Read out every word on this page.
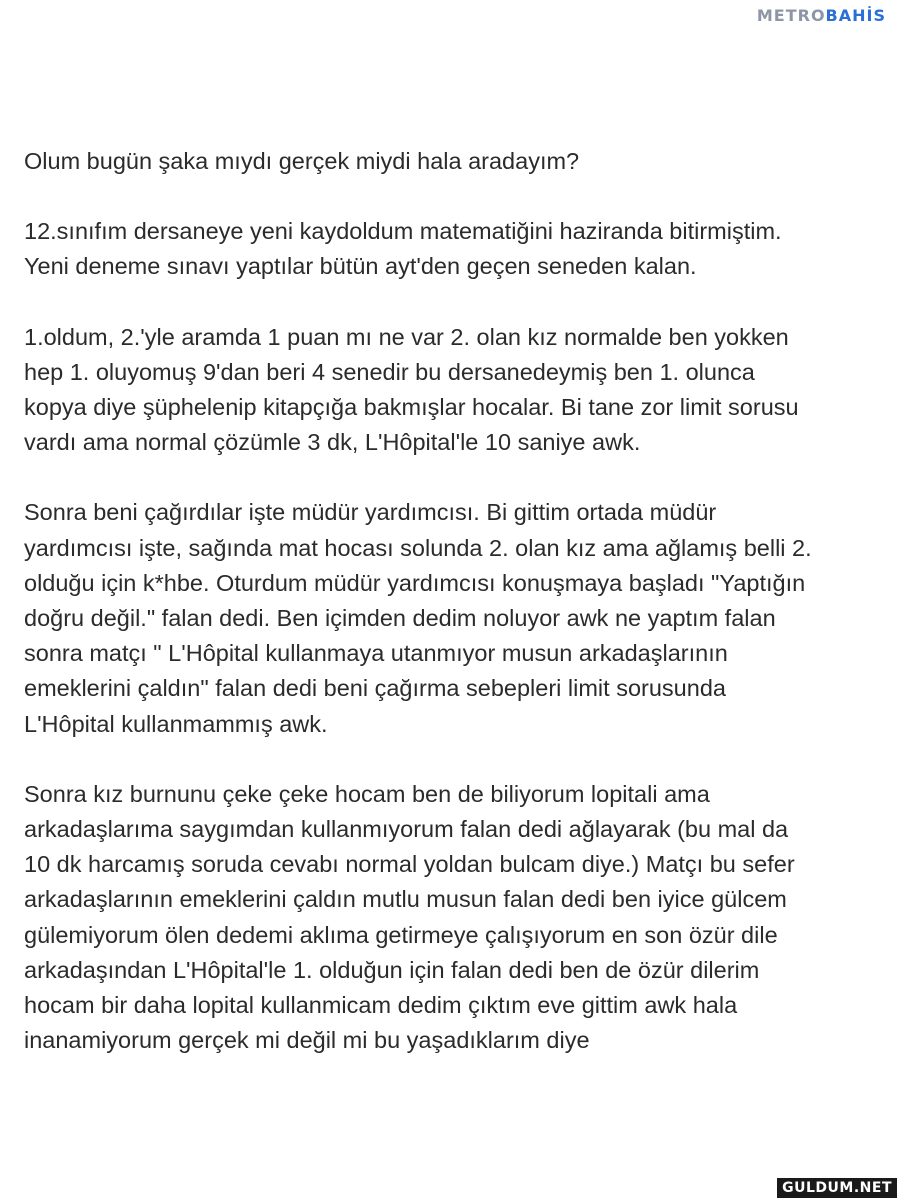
METROBAHİS

Olum bugün şaka mıydı gerçek miydi hala aradayım?

12.sınıfım dersaneye yeni kaydoldum matematiğini haziranda bitirmiştim.
Yeni deneme sınavı yaptılar bütün ayt'den geçen seneden kalan.

1.oldum, 2.'yle aramda 1 puan mı ne var 2. olan kız normalde ben yokken
hep 1. oluyomuş 9'dan beri 4 senedir bu dersanedeymiş ben 1. olunca
kopya diye şüphelenip kitapçığa bakmışlar hocalar. Bi tane zor limit sorusu
vardı ama normal çözümle 3 dk, L'Hôpital'le 10 saniye awk.

Sonra beni çağırdılar işte müdür yardımcısı. Bi gittim ortada müdür
yardımcısı işte, sağında mat hocası solunda 2. olan kız ama ağlamış belli 2.
olduğu için k*hbe. Oturdum müdür yardımcısı konuşmaya başladı "Yaptığın
doğru değil." falan dedi. Ben içimden dedim noluyor awk ne yaptım falan
sonra matçı " L'Hôpital kullanmaya utanmıyor musun arkadaşlarının
emeklerini çaldın" falan dedi beni çağırma sebepleri limit sorusunda
L'Hôpital kullanmammış awk.

Sonra kız burnunu çeke çeke hocam ben de biliyorum lopitali ama
arkadaşlarıma saygımdan kullanmıyorum falan dedi ağlayarak (bu mal da
10 dk harcamış soruda cevabı normal yoldan bulcam diye.) Matçı bu sefer
arkadaşlarının emeklerini çaldın mutlu musun falan dedi ben iyice gülcem
gülemiyorum ölen dedemi aklıma getirmeye çalışıyorum en son özür dile
arkadaşından L'Hôpital'le 1. olduğun için falan dedi ben de özür dilerim
hocam bir daha lopital kullanmicam dedim çıktım eve gittim awk hala
inanamiyorum gerçek mi değil mi bu yaşadıklarım diye

GULDUM.NET
